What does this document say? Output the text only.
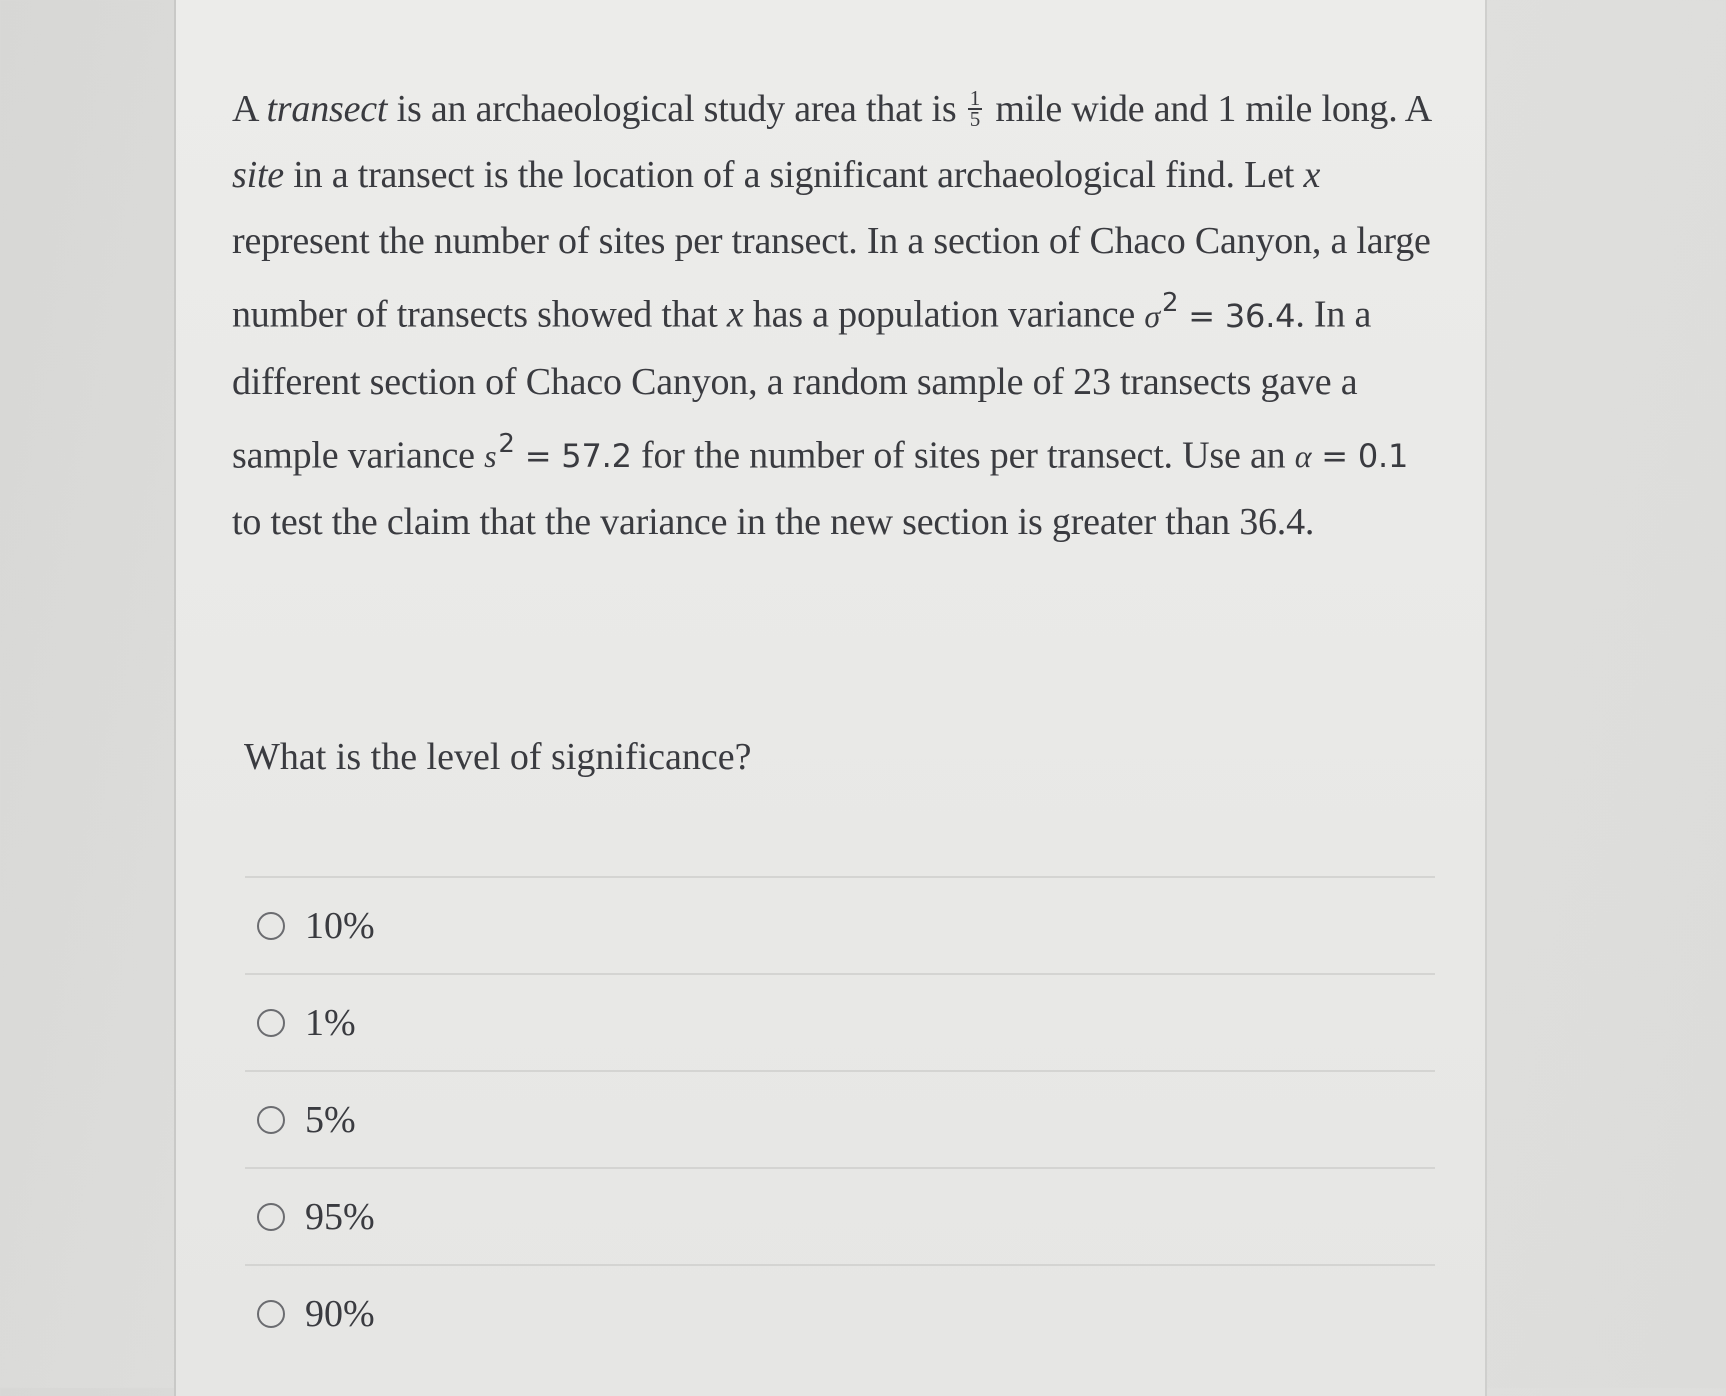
A transect is an archaeological study area that is $\frac{1}{5}$ mile wide and 1 mile long. A site in a transect is the location of a significant archaeological find. Let x represent the number of sites per transect. In a section of Chaco Canyon, a large number of transects showed that x has a population variance $\sigma^2 = 36.4$. In a different section of Chaco Canyon, a random sample of 23 transects gave a sample variance $s^2 = 57.2$ for the number of sites per transect. Use an α = 0.1 to test the claim that the variance in the new section is greater than 36.4.

What is the level of significance?
10%
1%
5%
95%
90%
